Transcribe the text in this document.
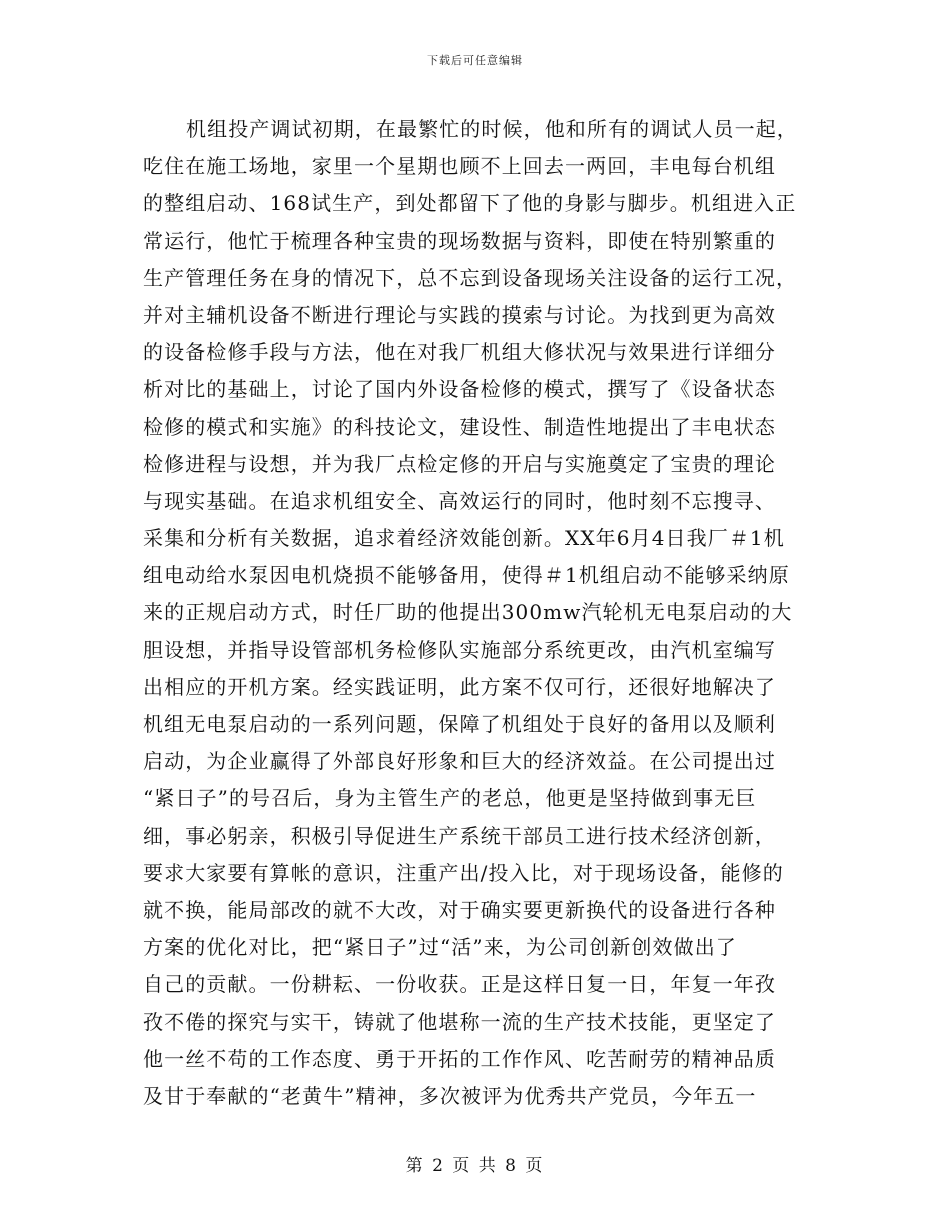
下载后可任意编辑
机组投产调试初期，在最繁忙的时候，他和所有的调试人员一起，
吃住在施工场地，家里一个星期也顾不上回去一两回，丰电每台机组
的整组启动、168试生产，到处都留下了他的身影与脚步。机组进入正
常运行，他忙于梳理各种宝贵的现场数据与资料，即使在特别繁重的
生产管理任务在身的情况下，总不忘到设备现场关注设备的运行工况，
并对主辅机设备不断进行理论与实践的摸索与讨论。为找到更为高效
的设备检修手段与方法，他在对我厂机组大修状况与效果进行详细分
析对比的基础上，讨论了国内外设备检修的模式，撰写了《设备状态
检修的模式和实施》的科技论文，建设性、制造性地提出了丰电状态
检修进程与设想，并为我厂点检定修的开启与实施奠定了宝贵的理论
与现实基础。在追求机组安全、高效运行的同时，他时刻不忘搜寻、
采集和分析有关数据，追求着经济效能创新。XX年6月4日我厂＃1机
组电动给水泵因电机烧损不能够备用，使得＃1机组启动不能够采纳原
来的正规启动方式，时任厂助的他提出300mw汽轮机无电泵启动的大
胆设想，并指导设管部机务检修队实施部分系统更改，由汽机室编写
出相应的开机方案。经实践证明，此方案不仅可行，还很好地解决了
机组无电泵启动的一系列问题，保障了机组处于良好的备用以及顺利
启动，为企业赢得了外部良好形象和巨大的经济效益。在公司提出过
“紧日子”的号召后，身为主管生产的老总，他更是坚持做到事无巨
细，事必躬亲，积极引导促进生产系统干部员工进行技术经济创新，
要求大家要有算帐的意识，注重产出/投入比，对于现场设备，能修的
就不换，能局部改的就不大改，对于确实要更新换代的设备进行各种
方案的优化对比，把“紧日子”过“活”来，为公司创新创效做出了
自己的贡献。一份耕耘、一份收获。正是这样日复一日，年复一年孜
孜不倦的探究与实干，铸就了他堪称一流的生产技术技能，更坚定了
他一丝不苟的工作态度、勇于开拓的工作作风、吃苦耐劳的精神品质
及甘于奉献的“老黄牛”精神，多次被评为优秀共产党员，今年五一
第 2 页 共 8 页
